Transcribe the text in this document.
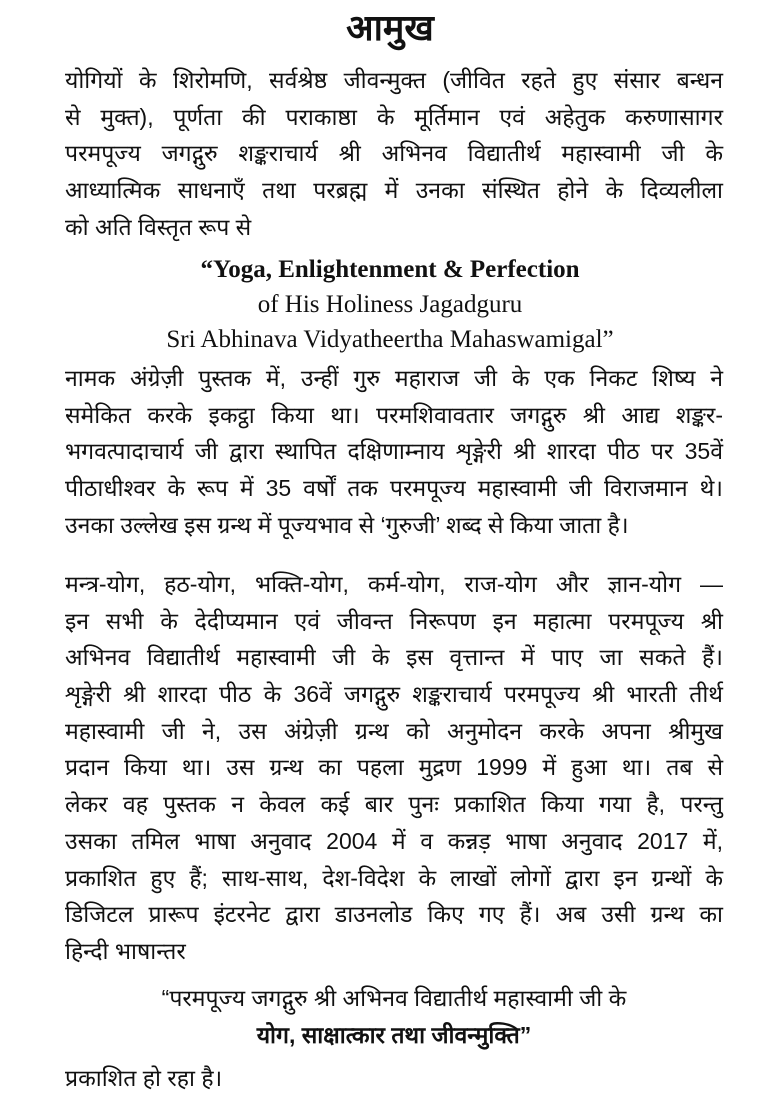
आमुख
योगियों के शिरोमणि, सर्वश्रेष्ठ जीवन्मुक्त (जीवित रहते हुए संसार बन्धन
से मुक्त), पूर्णता की पराकाष्ठा के मूर्तिमान एवं अहेतुक करुणासागर
परमपूज्य जगद्गुरु शङ्कराचार्य श्री अभिनव विद्यातीर्थ महास्वामी जी के
आध्यात्मिक साधनाएँ तथा परब्रह्म में उनका संस्थित होने के दिव्यलीला
को अति विस्तृत रूप से
“Yoga, Enlightenment & Perfection
of His Holiness Jagadguru
Sri Abhinava Vidyatheertha Mahaswamigal”
नामक अंग्रेज़ी पुस्तक में, उन्हीं गुरु महाराज जी के एक निकट शिष्य ने
समेकित करके इकट्ठा किया था। परमशिवावतार जगद्गुरु श्री आद्य शङ्कर-
भगवत्पादाचार्य जी द्वारा स्थापित दक्षिणाम्नाय शृङ्गेरी श्री शारदा पीठ पर 35वें
पीठाधीश्वर के रूप में 35 वर्षों तक परमपूज्य महास्वामी जी विराजमान थे।
उनका उल्लेख इस ग्रन्थ में पूज्यभाव से ‘गुरुजी’ शब्द से किया जाता है।
मन्त्र-योग, हठ-योग, भक्ति-योग, कर्म-योग, राज-योग और ज्ञान-योग —
इन सभी के देदीप्यमान एवं जीवन्त निरूपण इन महात्मा परमपूज्य श्री
अभिनव विद्यातीर्थ महास्वामी जी के इस वृत्तान्त में पाए जा सकते हैं।
शृङ्गेरी श्री शारदा पीठ के 36वें जगद्गुरु शङ्कराचार्य परमपूज्य श्री भारती तीर्थ
महास्वामी जी ने, उस अंग्रेज़ी ग्रन्थ को अनुमोदन करके अपना श्रीमुख
प्रदान किया था। उस ग्रन्थ का पहला मुद्रण 1999 में हुआ था। तब से
लेकर वह पुस्तक न केवल कई बार पुनः प्रकाशित किया गया है, परन्तु
उसका तमिल भाषा अनुवाद 2004 में व कन्नड़ भाषा अनुवाद 2017 में,
प्रकाशित हुए हैं; साथ-साथ, देश-विदेश के लाखों लोगों द्वारा इन ग्रन्थों के
डिजिटल प्रारूप इंटरनेट द्वारा डाउनलोड किए गए हैं। अब उसी ग्रन्थ का
हिन्दी भाषान्तर
“परमपूज्य जगद्गुरु श्री अभिनव विद्यातीर्थ महास्वामी जी के
योग, साक्षात्कार तथा जीवन्मुक्ति”
प्रकाशित हो रहा है।
